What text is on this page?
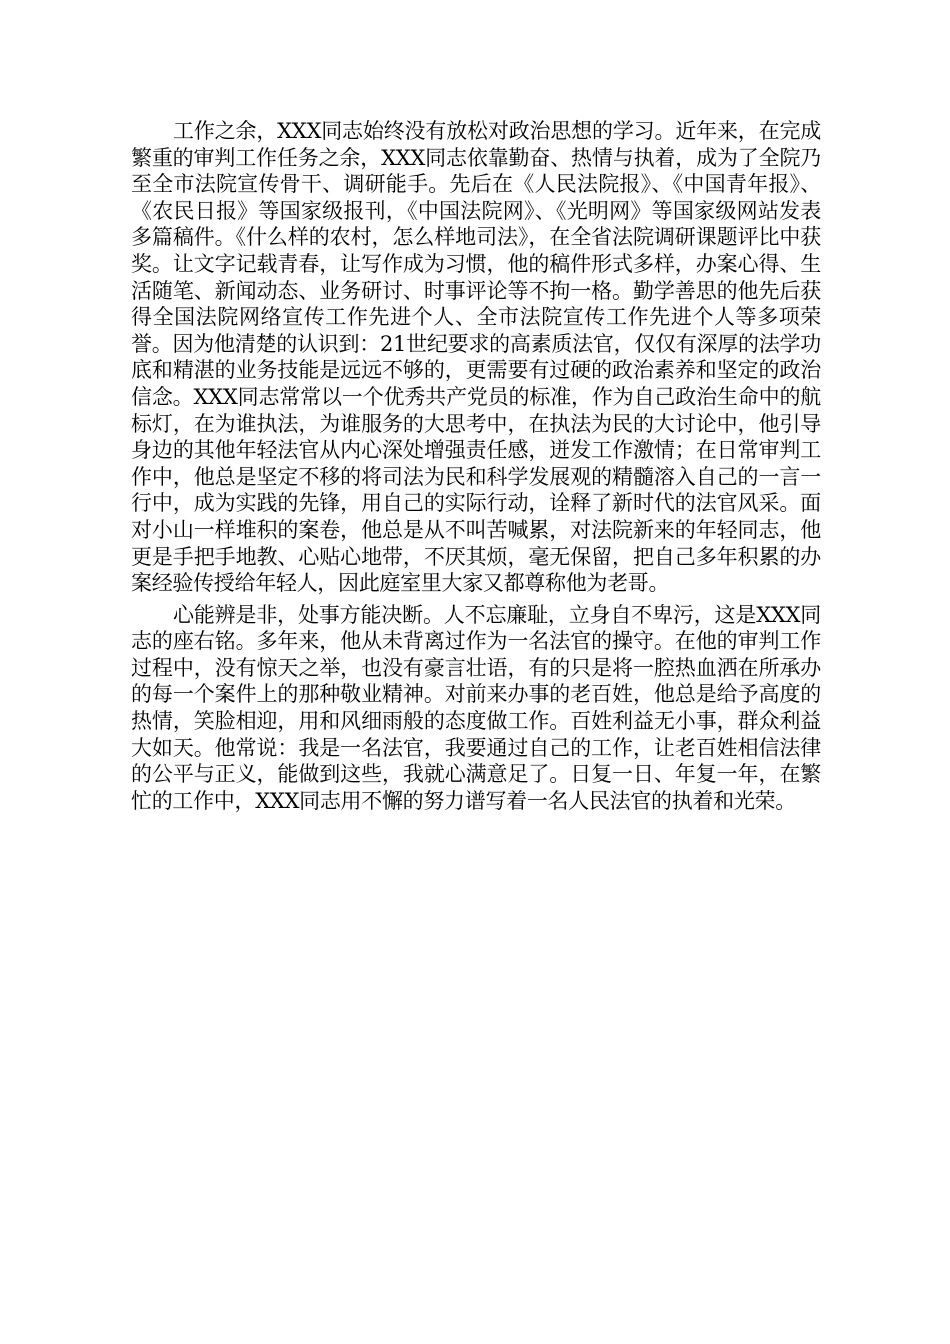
工作之余，XXX同志始终没有放松对政治思想的学习。近年来，在完成繁重的审判工作任务之余，XXX同志依靠勤奋、热情与执着，成为了全院乃至全市法院宣传骨干、调研能手。先后在《人民法院报》、《中国青年报》、《农民日报》等国家级报刊，《中国法院网》、《光明网》等国家级网站发表多篇稿件。《什么样的农村，怎么样地司法》，在全省法院调研课题评比中获奖。让文字记载青春，让写作成为习惯，他的稿件形式多样，办案心得、生活随笔、新闻动态、业务研讨、时事评论等不拘一格。勤学善思的他先后获得全国法院网络宣传工作先进个人、全市法院宣传工作先进个人等多项荣誉。因为他清楚的认识到：21世纪要求的高素质法官，仅仅有深厚的法学功底和精湛的业务技能是远远不够的，更需要有过硬的政治素养和坚定的政治信念。XXX同志常常以一个优秀共产党员的标准，作为自己政治生命中的航标灯，在为谁执法，为谁服务的大思考中，在执法为民的大讨论中，他引导身边的其他年轻法官从内心深处增强责任感，迸发工作激情；在日常审判工作中，他总是坚定不移的将司法为民和科学发展观的精髓溶入自己的一言一行中，成为实践的先锋，用自己的实际行动，诠释了新时代的法官风采。面对小山一样堆积的案卷，他总是从不叫苦喊累，对法院新来的年轻同志，他更是手把手地教、心贴心地带，不厌其烦，毫无保留，把自己多年积累的办案经验传授给年轻人，因此庭室里大家又都尊称他为老哥。

心能辨是非，处事方能决断。人不忘廉耻，立身自不卑污，这是XXX同志的座右铭。多年来，他从未背离过作为一名法官的操守。在他的审判工作过程中，没有惊天之举，也没有豪言壮语，有的只是将一腔热血洒在所承办的每一个案件上的那种敬业精神。对前来办事的老百姓，他总是给予高度的热情，笑脸相迎，用和风细雨般的态度做工作。百姓利益无小事，群众利益大如天。他常说：我是一名法官，我要通过自己的工作，让老百姓相信法律的公平与正义，能做到这些，我就心满意足了。日复一日、年复一年，在繁忙的工作中，XXX同志用不懈的努力谱写着一名人民法官的执着和光荣。
